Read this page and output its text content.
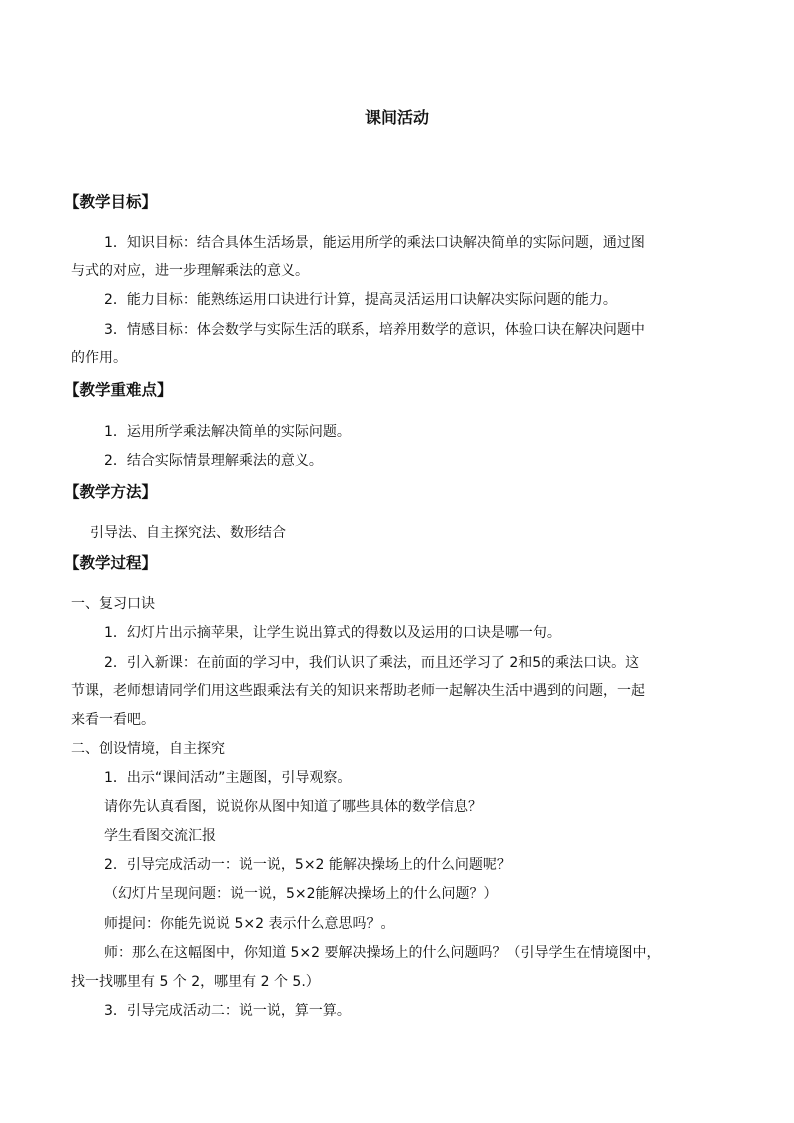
课间活动
【教学目标】
1．知识目标：结合具体生活场景，能运用所学的乘法口诀解决简单的实际问题，通过图
与式的对应，进一步理解乘法的意义。
2．能力目标：能熟练运用口诀进行计算，提高灵活运用口诀解决实际问题的能力。
3．情感目标：体会数学与实际生活的联系，培养用数学的意识，体验口诀在解决问题中
的作用。
【教学重难点】
1．运用所学乘法解决简单的实际问题。
2．结合实际情景理解乘法的意义。
【教学方法】
引导法、自主探究法、数形结合
【教学过程】
一、复习口诀
1．幻灯片出示摘苹果，让学生说出算式的得数以及运用的口诀是哪一句。
2．引入新课：在前面的学习中，我们认识了乘法，而且还学习了 2和5的乘法口诀。这
节课，老师想请同学们用这些跟乘法有关的知识来帮助老师一起解决生活中遇到的问题，一起
来看一看吧。
二、创设情境，自主探究
1．出示“课间活动”主题图，引导观察。
请你先认真看图，说说你从图中知道了哪些具体的数学信息？
学生看图交流汇报
2．引导完成活动一：说一说，5×2 能解决操场上的什么问题呢？
（幻灯片呈现问题：说一说，5×2能解决操场上的什么问题？）
师提问：你能先说说 5×2 表示什么意思吗？。
师：那么在这幅图中，你知道 5×2 要解决操场上的什么问题吗？（引导学生在情境图中，
找一找哪里有 5 个 2，哪里有 2 个 5.）
3．引导完成活动二：说一说，算一算。
